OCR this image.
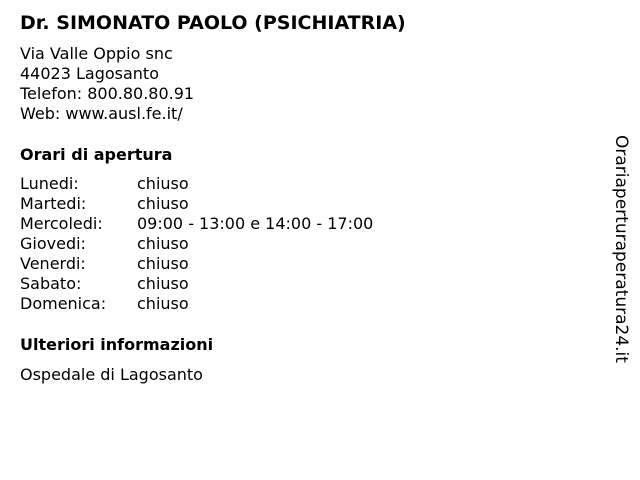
Dr. SIMONATO PAOLO (PSICHIATRIA)
Via Valle Oppio snc
44023 Lagosanto
Telefon: 800.80.80.91
Web: www.ausl.fe.it/
Orari di apertura
Lunedi:	chiuso
Martedi:	chiuso
Mercoledi: 09:00 - 13:00 e 14:00 - 17:00
Giovedi:	chiuso
Venerdi:	chiuso
Sabato:	chiuso
Domenica: chiuso
Ulteriori informazioni
Ospedale di Lagosanto
Orariaperturaperatura24.it
